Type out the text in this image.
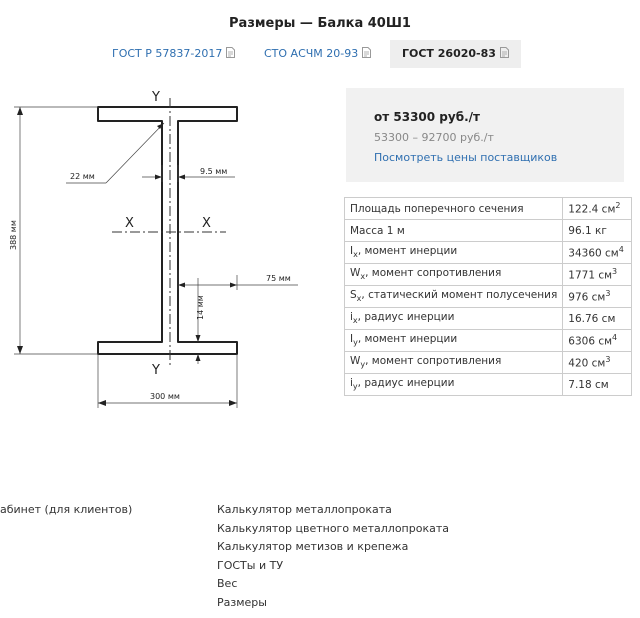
Размеры — Балка 40Ш1
ГОСТ Р 57837-2017	СТО АСЧМ 20-93	ГОСТ 26020-83
Y
Y
X	X
388 мм
22 мм
9.5 мм
75 мм
14 мм
300 мм
от 53300 руб./т
53300 – 92700 руб./т
Посмотреть цены поставщиков
Площадь поперечного сечения	122.4 $см^2$
Масса 1 м	96.1 кг
$I_x$, момент инерции	34360 $см^4$
$W_x$, момент сопротивления	1771 $см^3$
$S_x$, статический момент полусечения	976 $см^3$
$i_x$, радиус инерции	16.76 см
$I_y$, момент инерции	6306 $см^4$
$W_y$, момент сопротивления	420 $см^3$
$i_y$, радиус инерции	7.18 см

абинет (для клиентов)	Калькулятор металлопроката
Калькулятор цветного металлопроката
Калькулятор метизов и крепежа
ГОСТы и ТУ
Вес
Размеры
